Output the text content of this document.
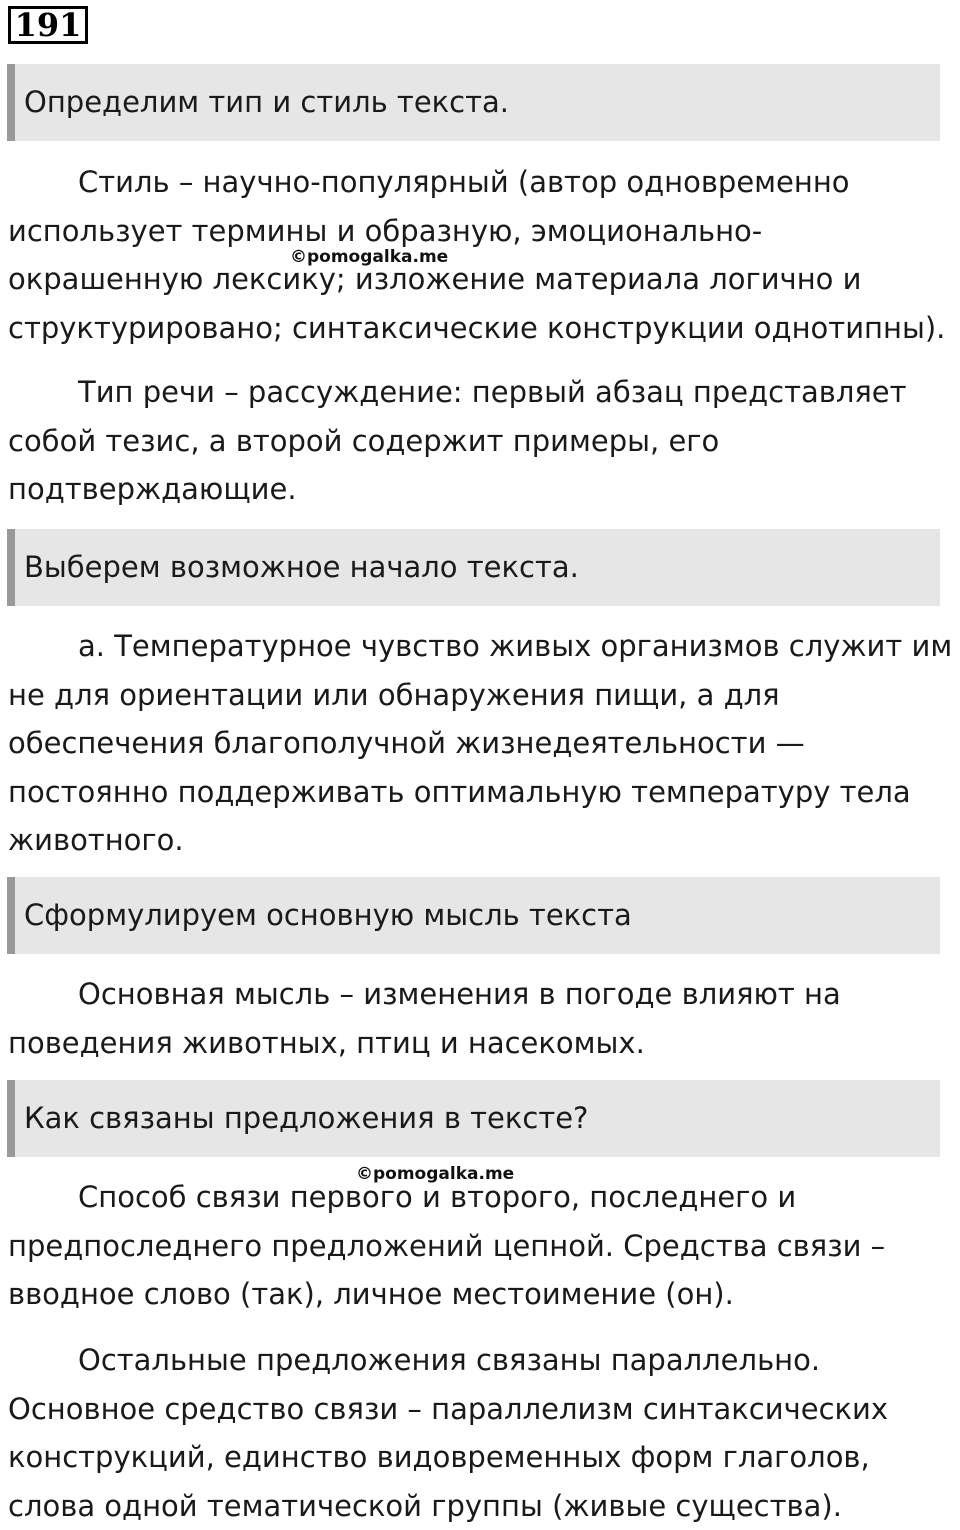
191
Определим тип и стиль текста.

Стиль – научно-популярный (автор одновременно использует термины и образную, эмоционально-окрашенную лексику; изложение материала логично и структурировано; синтаксические конструкции однотипны).

©pomogalka.me

Тип речи – рассуждение: первый абзац представляет собой тезис, а второй содержит примеры, его подтверждающие.

Выберем возможное начало текста.

а. Температурное чувство живых организмов служит им не для ориентации или обнаружения пищи, а для обеспечения благополучной жизнедеятельности — постоянно поддерживать оптимальную температуру тела животного.

Сформулируем основную мысль текста

Основная мысль – изменения в погоде влияют на поведения животных, птиц и насекомых.

Как связаны предложения в тексте?
©pomogalka.me

Способ связи первого и второго, последнего и предпоследнего предложений цепной. Средства связи – вводное слово (так), личное местоимение (он).

Остальные предложения связаны параллельно. Основное средство связи – параллелизм синтаксических конструкций, единство видовременных форм глаголов, слова одной тематической группы (живые существа).
